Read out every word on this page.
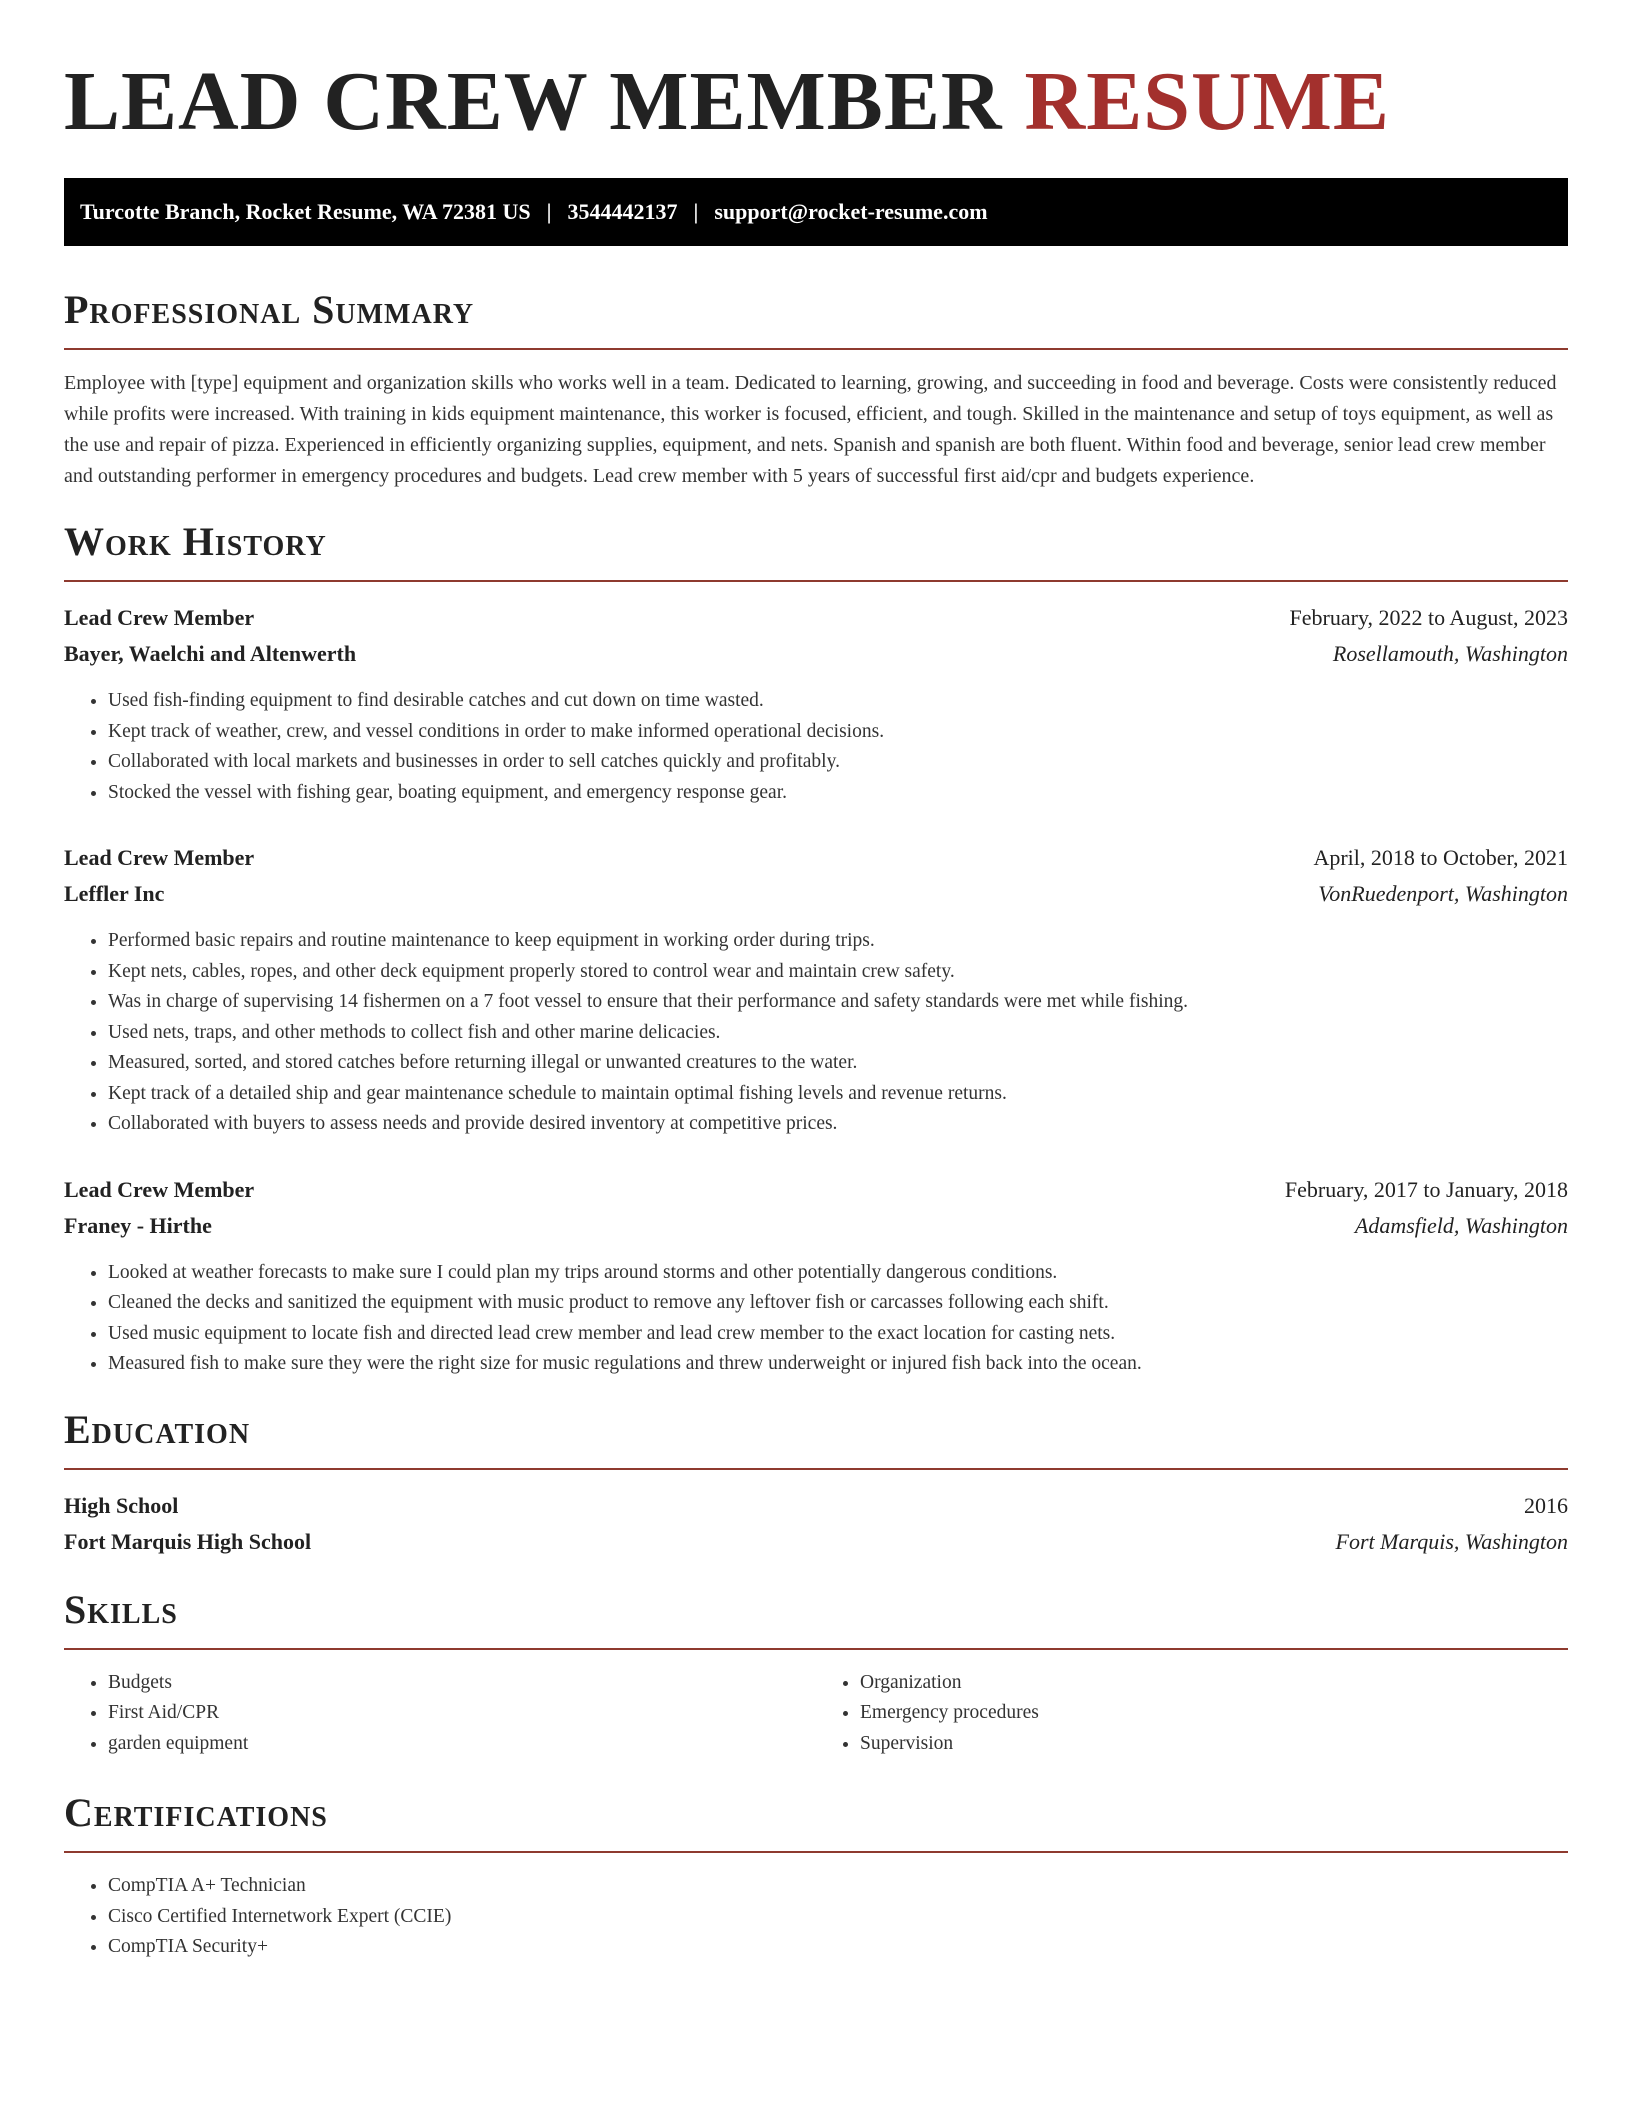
LEAD CREW MEMBER RESUME
Turcotte Branch, Rocket Resume, WA 72381 US | 3544442137 | support@rocket-resume.com
Professional Summary

Employee with [type] equipment and organization skills who works well in a team. Dedicated to learning, growing, and succeeding in food and beverage. Costs were consistently reduced while profits were increased. With training in kids equipment maintenance, this worker is focused, efficient, and tough. Skilled in the maintenance and setup of toys equipment, as well as the use and repair of pizza. Experienced in efficiently organizing supplies, equipment, and nets. Spanish and spanish are both fluent. Within food and beverage, senior lead crew member and outstanding performer in emergency procedures and budgets. Lead crew member with 5 years of successful first aid/cpr and budgets experience.

Work History
Lead Crew Member	February, 2022 to August, 2023
Bayer, Waelchi and Altenwerth	Rosellamouth, Washington
• Used fish-finding equipment to find desirable catches and cut down on time wasted.
• Kept track of weather, crew, and vessel conditions in order to make informed operational decisions.
• Collaborated with local markets and businesses in order to sell catches quickly and profitably.
• Stocked the vessel with fishing gear, boating equipment, and emergency response gear.
Lead Crew Member	April, 2018 to October, 2021
Leffler Inc	VonRuedenport, Washington
• Performed basic repairs and routine maintenance to keep equipment in working order during trips.
• Kept nets, cables, ropes, and other deck equipment properly stored to control wear and maintain crew safety.
• Was in charge of supervising 14 fishermen on a 7 foot vessel to ensure that their performance and safety standards were met while fishing.
• Used nets, traps, and other methods to collect fish and other marine delicacies.
• Measured, sorted, and stored catches before returning illegal or unwanted creatures to the water.
• Kept track of a detailed ship and gear maintenance schedule to maintain optimal fishing levels and revenue returns.
• Collaborated with buyers to assess needs and provide desired inventory at competitive prices.
Lead Crew Member	February, 2017 to January, 2018
Franey - Hirthe	Adamsfield, Washington
• Looked at weather forecasts to make sure I could plan my trips around storms and other potentially dangerous conditions.
• Cleaned the decks and sanitized the equipment with music product to remove any leftover fish or carcasses following each shift.
• Used music equipment to locate fish and directed lead crew member and lead crew member to the exact location for casting nets.
• Measured fish to make sure they were the right size for music regulations and threw underweight or injured fish back into the ocean.
Education
High School	2016
Fort Marquis High School	Fort Marquis, Washington
Skills
• Budgets
• First Aid/CPR
• garden equipment
• Organization
• Emergency procedures
• Supervision
Certifications
• CompTIA A+ Technician
• Cisco Certified Internetwork Expert (CCIE)
• CompTIA Security+
